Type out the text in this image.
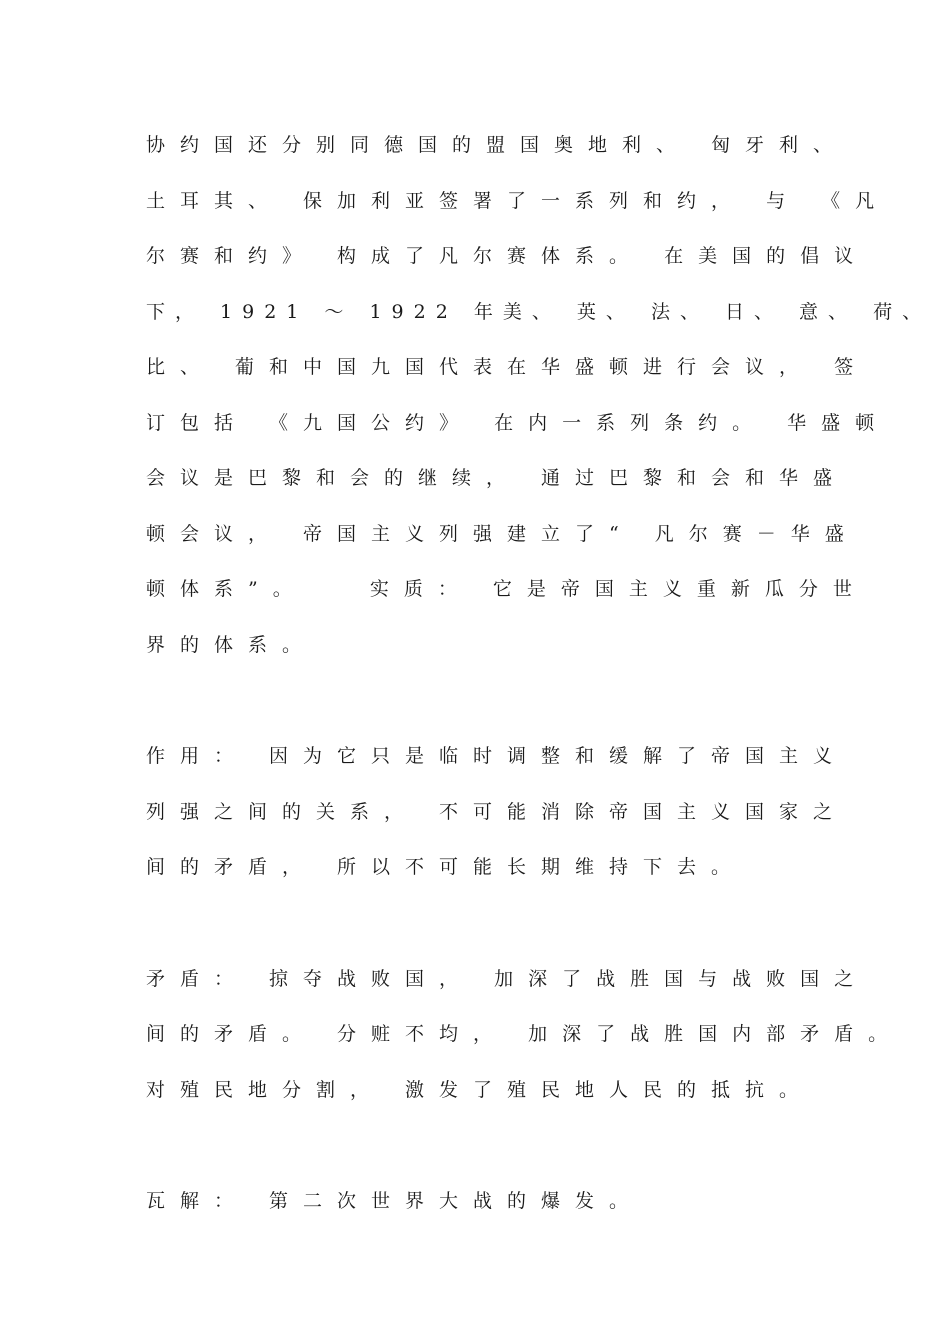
协约国还分别同德国的盟国奥地利、 匈牙利、

土耳其、 保加利亚签署了一系列和约， 与 《凡

尔赛和约》 构成了凡尔赛体系。 在美国的倡议

下， 1921 ～ 1922 年美、 英、 法、 日、 意、 荷、

比、 葡和中国九国代表在华盛顿进行会议， 签

订包括 《九国公约》 在内一系列条约。 华盛顿

会议是巴黎和会的继续， 通过巴黎和会和华盛

顿会议， 帝国主义列强建立了“ 凡尔赛－华盛

顿体系”。   实质： 它是帝国主义重新瓜分世

界的体系。

作用： 因为它只是临时调整和缓解了帝国主义

列强之间的关系， 不可能消除帝国主义国家之

间的矛盾， 所以不可能长期维持下去。

矛盾： 掠夺战败国， 加深了战胜国与战败国之

间的矛盾。 分赃不均， 加深了战胜国内部矛盾。

对殖民地分割， 激发了殖民地人民的抵抗。

瓦解： 第二次世界大战的爆发。
